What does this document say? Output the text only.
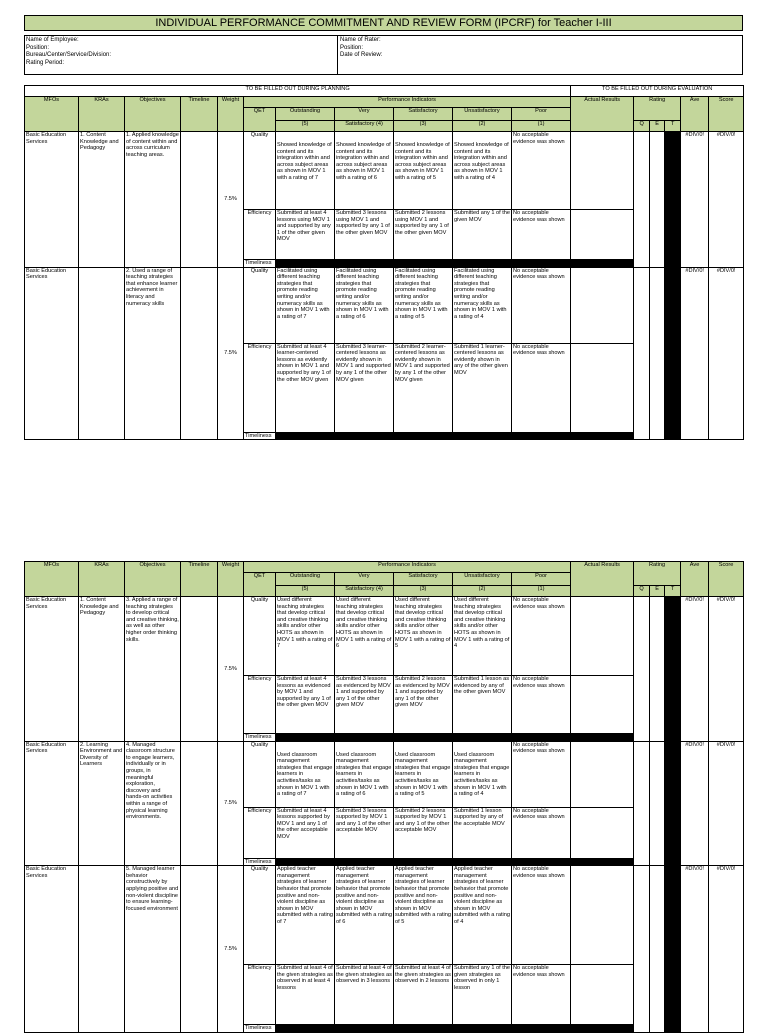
INDIVIDUAL PERFORMANCE COMMITMENT AND REVIEW FORM (IPCRF) for Teacher I-III
Name of Employee:
Position:
Bureau/Center/Service/Division:
Rating Period:
Name of Rater:
Position:
Date of Review:
TO BE FILLED OUT DURING PLANNING											TO BE FILLED OUT DURING EVALUATION					
MFOs	KRAs	Objectives	Timeline	Weight	Performance Indicators						Actual Results	Rating			Ave	Score
					QET	Outstanding	Very	Satisfactory	Unsatisfactory	Poor						
						(5)	Satisfactory (4)	(3)	(2)	(1)		Q	E	T		
Basic Education Services	1. Content Knowledge and Pedagogy	1. Applied knowledge of content within and across curriculum teaching areas.		7.5%	Quality	Showed knowledge of content and its integration within and across subject areas as shown in MOV 1 with a rating of 7	Showed knowledge of content and its integration within and across subject areas as shown in MOV 1 with a rating of 6	Showed knowledge of content and its integration within and across subject areas as shown in MOV 1 with a rating of 5	Showed knowledge of content and its integration within and across subject areas as shown in MOV 1 with a rating of 4	No acceptable evidence was shown					#DIV/0!	#DIV/0!
					Efficiency	Submitted at least 4 lessons using MOV 1 and supported by any 1 of the other given MOV	Submitted 3 lessons using MOV 1 and supported by any 1 of the other given MOV	Submitted 2 lessons using MOV 1 and supported by any 1 of the other given MOV	Submitted any 1 of the given MOV	No acceptable evidence was shown						
					Timeliness											
Basic Education Services		2. Used a range of teaching strategies that enhance learner achievement in literacy and numeracy skills		7.5%	Quality	Facilitated using different teaching strategies that promote reading writing and/or numeracy skills as shown in MOV 1 with a rating of 7	Facilitated using different teaching strategies that promote reading writing and/or numeracy skills as shown in MOV 1 with a rating of 6	Facilitated using different teaching strategies that promote reading writing and/or numeracy skills as shown in MOV 1 with a rating of 5	Facilitated using different teaching strategies that promote reading writing and/or numeracy skills as shown in MOV 1 with a rating of 4	No acceptable evidence was shown					#DIV/0!	#DIV/0!
					Efficiency	Submitted at least 4 learner-centered lessons as evidently shown in MOV 1 and supported by any 1 of the other MOV given	Submitted 3 learner-centered lessons as evidently shown in MOV 1 and supported by any 1 of the other MOV given	Submitted 2 learner-centered lessons as evidently shown in MOV 1 and supported by any 1 of the other MOV given	Submitted 1 learner-centered lessons as evidently shown in any of the other given MOV	No acceptable evidence was shown						
					Timeliness											
MFOs	KRAs	Objectives	Timeline	Weight	Performance Indicators						Actual Results	Rating			Ave	Score
					QET	Outstanding	Very	Satisfactory	Unsatisfactory	Poor						
						(5)	Satisfactory (4)	(3)	(2)	(1)		Q	E	T		
Basic Education Services	1. Content Knowledge and Pedagogy	3. Applied a range of teaching strategies to develop critical and creative thinking, as well as other higher order thinking skills.		7.5%	Quality	Used different teaching strategies that develop critical and creative thinking skills and/or other HOTS as shown in MOV 1 with a rating of 7	Used different teaching strategies that develop critical and creative thinking skills and/or other HOTS as shown in MOV 1 with a rating of 6	Used different teaching strategies that develop critical and creative thinking skills and/or other HOTS as shown in MOV 1 with a rating of 5	Used different teaching strategies that develop critical and creative thinking skills and/or other HOTS as shown in MOV 1 with a rating of 4	No acceptable evidence was shown					#DIV/0!	#DIV/0!
					Efficiency	Submitted at least 4 lessons as evidenced by MOV 1 and supported by any 1 of the other given MOV	Submitted 3 lessons as evidenced by MOV 1 and supported by any 1 of the other given MOV	Submitted 2 lessons as evidenced by MOV 1 and supported by any 1 of the other given MOV	Submitted 1 lesson as evidenced by any of the other given MOV	No acceptable evidence was shown						
					Timeliness											
Basic Education Services	2. Learning Environment and Diversity of Learners	4. Managed classroom structure to engage learners, individually or in groups, in meaningful exploration, discovery and hands-on activities within a range of physical learning environments.		7.5%	Quality	Used classroom management strategies that engage learners in activities/tasks as shown in MOV 1 with a rating of 7	Used classroom management strategies that engage learners in activities/tasks as shown in MOV 1 with a rating of 6	Used classroom management strategies that engage learners in activities/tasks as shown in MOV 1 with a rating of 5	Used classroom management strategies that engage learners in activities/tasks as shown in MOV 1 with a rating of 4	No acceptable evidence was shown					#DIV/0!	#DIV/0!
					Efficiency	Submitted at least 4 lessons supported by MOV 1 and any 1 of the other acceptable MOV	Submitted 3 lessons supported by MOV 1 and any 1 of the other acceptable MOV	Submitted 2 lessons supported by MOV 1 and any 1 of the other acceptable MOV	Submitted 1 lesson supported by any of the acceptable MOV	No acceptable evidence was shown						
					Timeliness											
Basic Education Services		5. Managed learner behavior constructively by applying positive and non-violent discipline to ensure learning-focused environment		7.5%	Quality	Applied teacher management strategies of learner behavior that promote positive and non-violent discipline as shown in MOV submitted with a rating of 7	Applied teacher management strategies of learner behavior that promote positive and non-violent discipline as shown in MOV submitted with a rating of 6	Applied teacher management strategies of learner behavior that promote positive and non-violent discipline as shown in MOV submitted with a rating of 5	Applied teacher management strategies of learner behavior that promote positive and non-violent discipline as shown in MOV submitted with a rating of 4	No acceptable evidence was shown					#DIV/0!	#DIV/0!
					Efficiency	Submitted at least 4 of the given strategies as observed in at least 4 lessons	Submitted at least 4 of the given strategies as observed in 3 lessons	Submitted at least 4 of the given strategies as observed in 2 lessons	Submitted any 1 of the given strategies as observed in only 1 lesson	No acceptable evidence was shown						
					Timeliness											
